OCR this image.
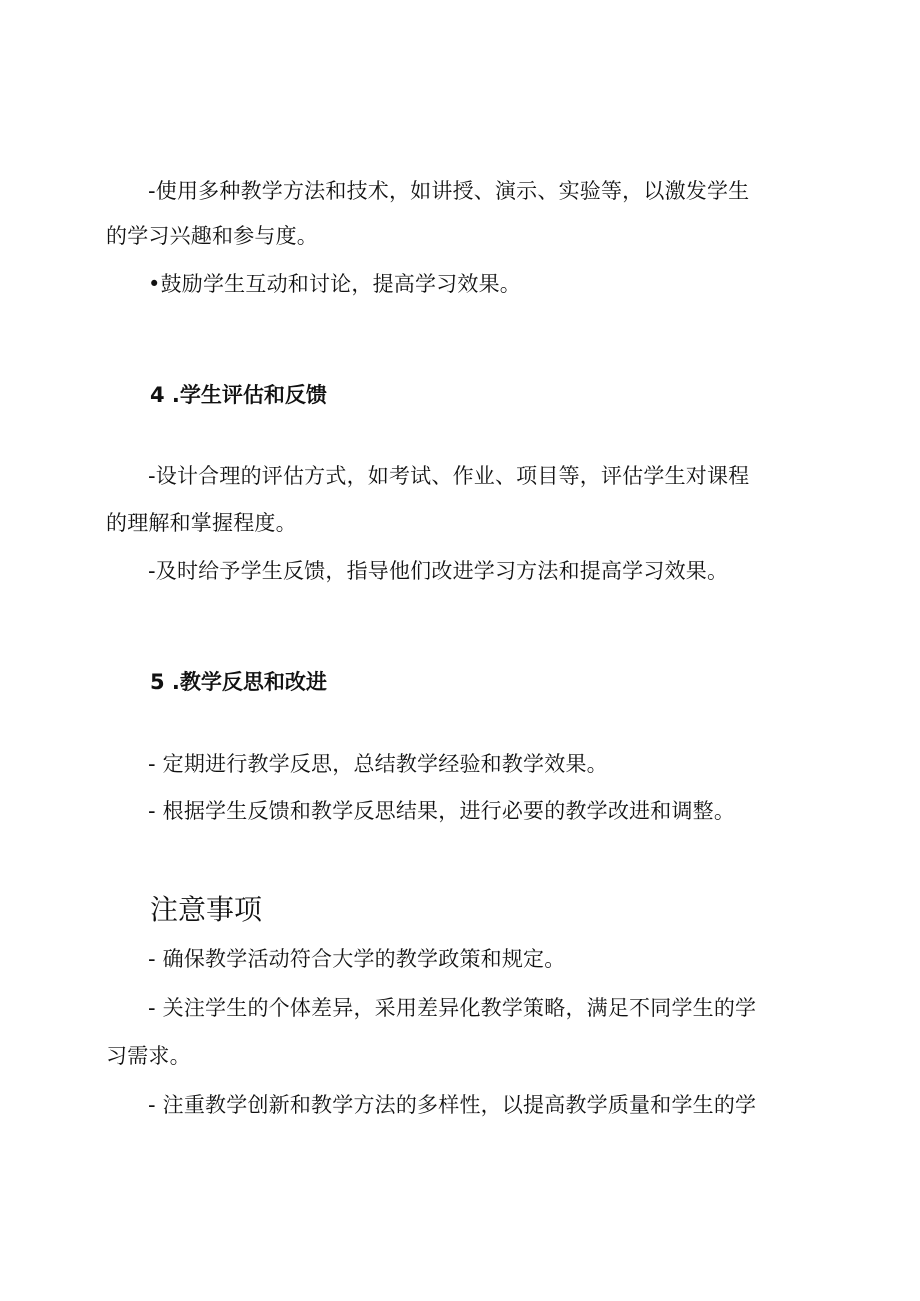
-使用多种教学方法和技术，如讲授、演示、实验等，以激发学生
的学习兴趣和参与度。
•鼓励学生互动和讨论，提高学习效果。
4 .学生评估和反馈
-设计合理的评估方式，如考试、作业、项目等，评估学生对课程
的理解和掌握程度。
-及时给予学生反馈，指导他们改进学习方法和提高学习效果。
5 .教学反思和改进
- 定期进行教学反思，总结教学经验和教学效果。
- 根据学生反馈和教学反思结果，进行必要的教学改进和调整。
注意事项
- 确保教学活动符合大学的教学政策和规定。
- 关注学生的个体差异，采用差异化教学策略，满足不同学生的学
习需求。
- 注重教学创新和教学方法的多样性，以提高教学质量和学生的学
